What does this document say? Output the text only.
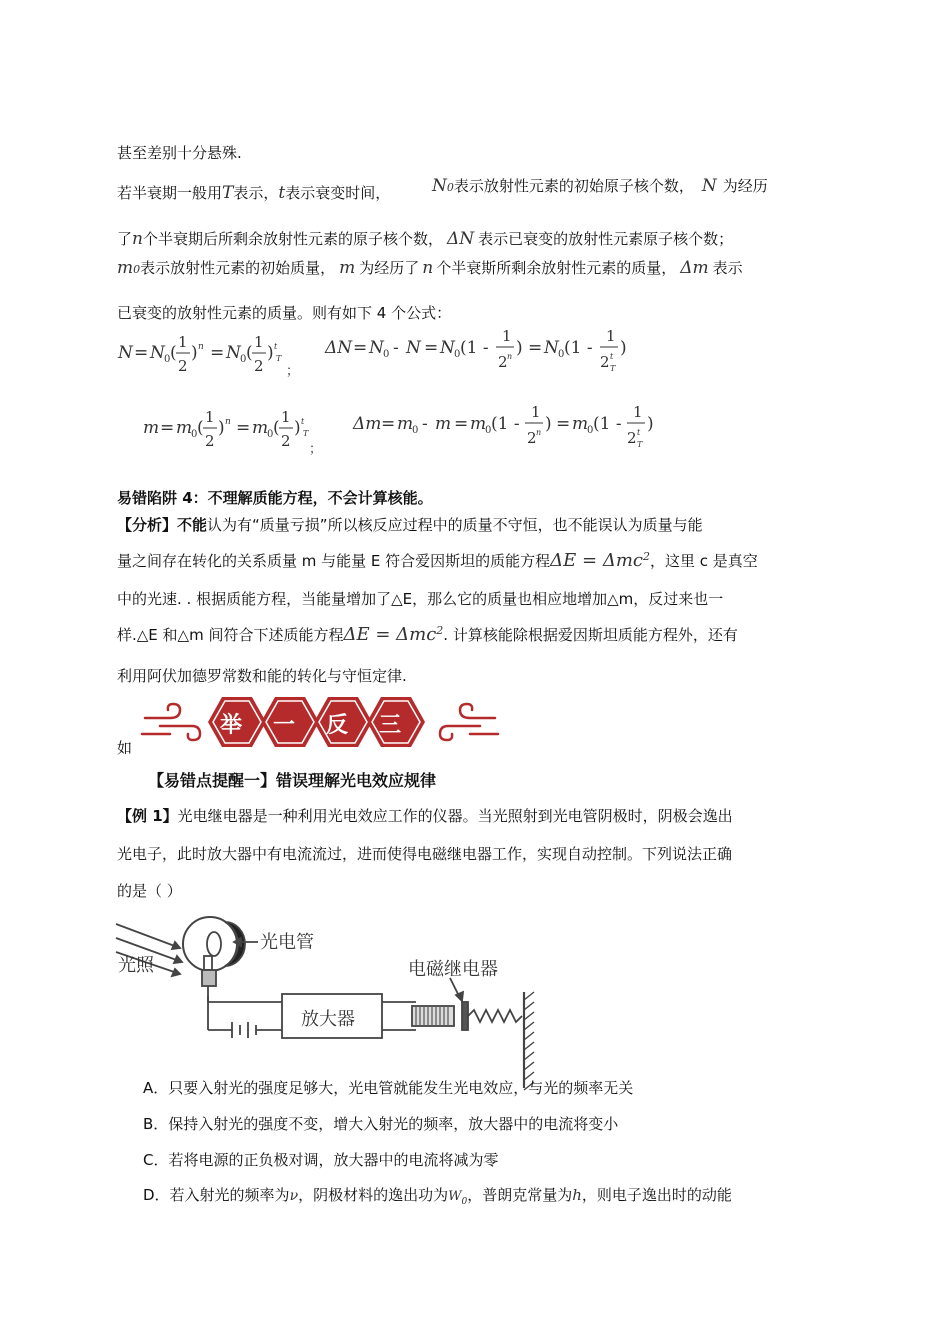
甚至差别十分悬殊.
若半衰期一般用T表示，t表示衰变时间， N0表示放射性元素的初始原子核个数， N 为经历
了n个半衰期后所剩余放射性元素的原子核个数， ΔN 表示已衰变的放射性元素原子核个数；
m0表示放射性元素的初始质量， m 为经历了 n 个半衰斯所剩余放射性元素的质量， Δm 表示
已衰变的放射性元素的质量。则有如下 4 个公式：
N = N 0 (
1
2
) n = N 0 (
1
2
) t
T
；
ΔN = N 0 - N = N 0 (1 -
1
2 n ) = N 0 (1 -
1
2 t
T
)
m = m
0 (
1
2
) n = m
0 (
1
2
) t
T
；
Δm = m
0 - m = m
0 (1 -
1
2 n ) = m
0 (1 -
1
2 t
T
)
易错陷阱 4：不理解质能方程，不会计算核能。
【分析】不能认为有“质量亏损”所以核反应过程中的质量不守恒，也不能误认为质量与能
量之间存在转化的关系质量 m 与能量 E 符合爱因斯坦的质能方程ΔE = Δmc$^2$，这里 c 是真空
中的光速. . 根据质能方程，当能量增加了△E，那么它的质量也相应地增加△m，反过来也一
样.△E 和△m 间符合下述质能方程ΔE = Δmc$^2$. 计算核能除根据爱因斯坦质能方程外，还有
利用阿伏加德罗常数和能的转化与守恒定律.
举 一 反 三
如
【易错点提醒一】错误理解光电效应规律
【例 1】光电继电器是一种利用光电效应工作的仪器。当光照射到光电管阴极时，阴极会逸出
光电子，此时放大器中有电流流过，进而使得电磁继电器工作，实现自动控制。下列说法正确
的是（ ）
光电管
光照	电磁继电器
放大器
A．只要入射光的强度足够大，光电管就能发生光电效应，与光的频率无关
B．保持入射光的强度不变，增大入射光的频率，放大器中的电流将变小
C．若将电源的正负极对调，放大器中的电流将减为零
D．若入射光的频率为ν，阴极材料的逸出功为$W_0$，普朗克常量为h，则电子逸出时的动能
